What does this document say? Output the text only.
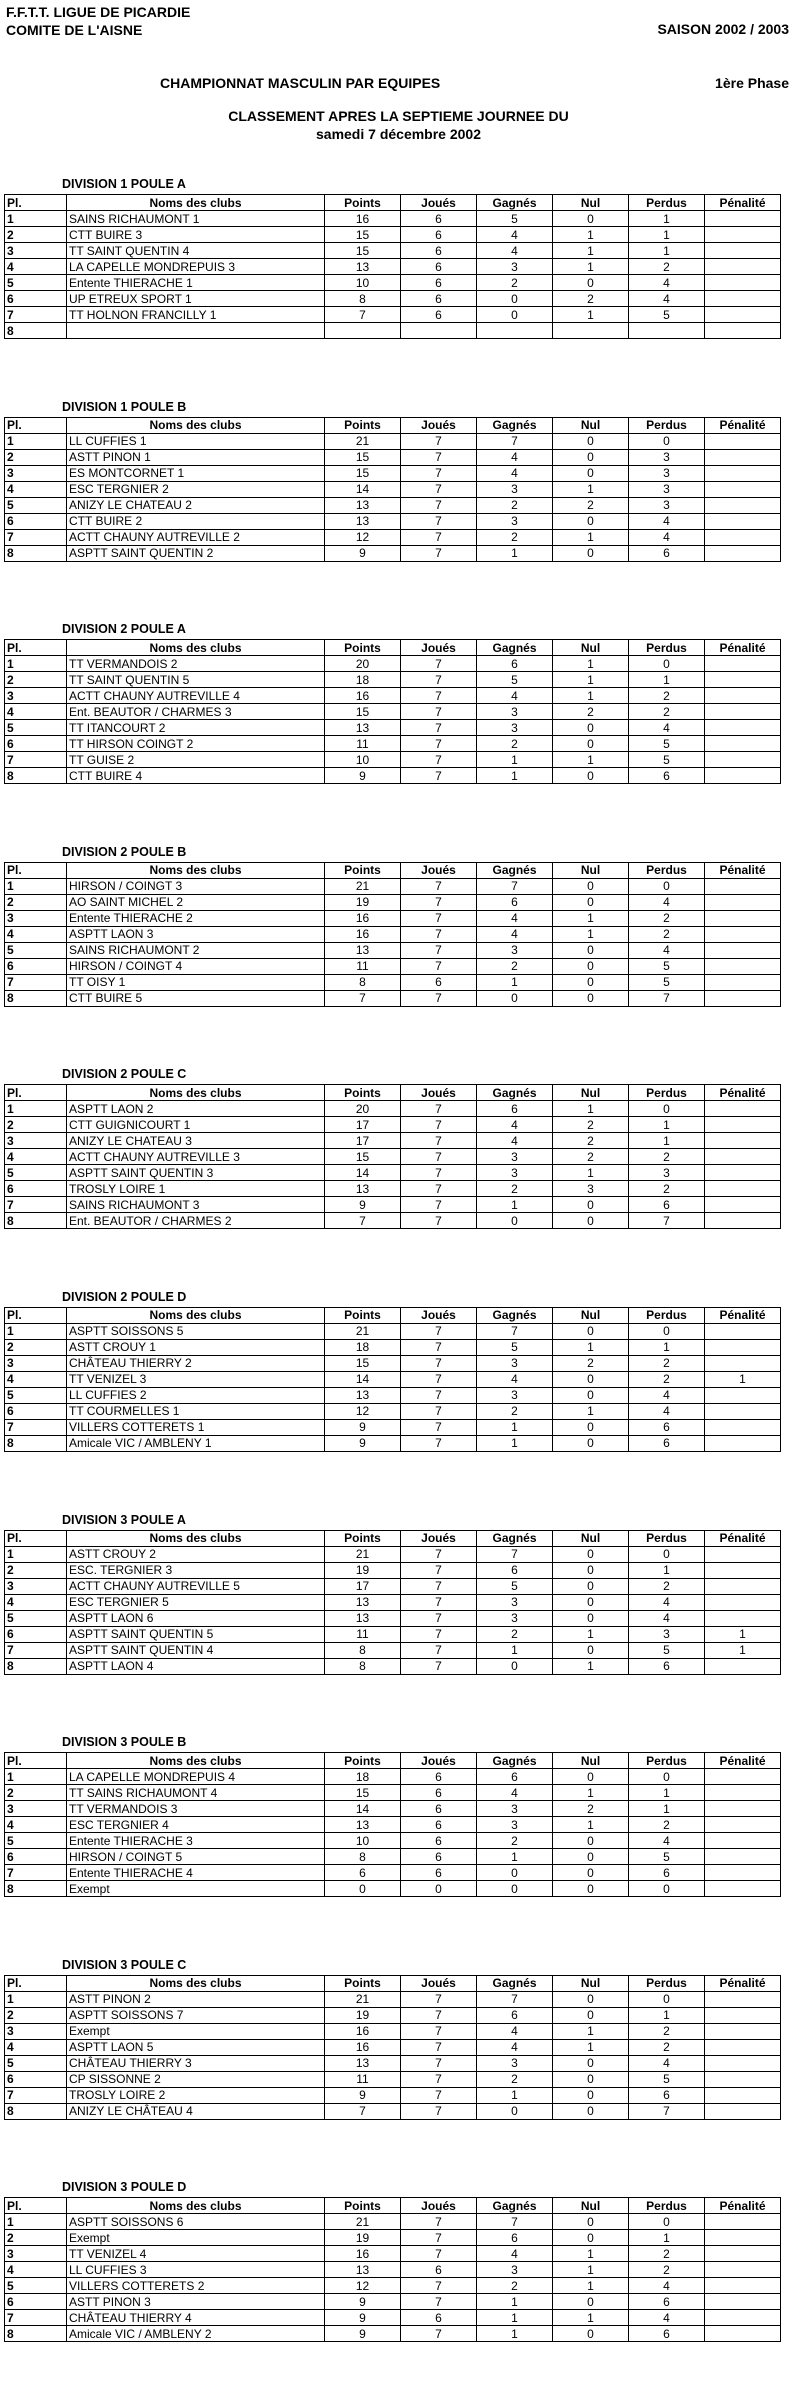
F.F.T.T. LIGUE DE PICARDIE
COMITE DE L'AISNE	SAISON 2002 / 2003
CHAMPIONNAT MASCULIN PAR EQUIPES	1ère Phase
CLASSEMENT APRES LA SEPTIEME JOURNEE DU
samedi 7 décembre 2002
DIVISION 1 POULE A
Pl.	Noms des clubs	Points	Joués	Gagnés	Nul	Perdus	Pénalité
1	SAINS RICHAUMONT 1	16	6	5	0	1	
2	CTT BUIRE 3	15	6	4	1	1	
3	TT SAINT QUENTIN 4	15	6	4	1	1	
4	LA CAPELLE MONDREPUIS 3	13	6	3	1	2	
5	Entente THIERACHE 1	10	6	2	0	4	
6	UP ETREUX SPORT 1	8	6	0	2	4	
7	TT HOLNON FRANCILLY 1	7	6	0	1	5	
8							
DIVISION 1 POULE B
Pl.	Noms des clubs	Points	Joués	Gagnés	Nul	Perdus	Pénalité
1	LL CUFFIES 1	21	7	7	0	0	
2	ASTT PINON 1	15	7	4	0	3	
3	ES MONTCORNET 1	15	7	4	0	3	
4	ESC TERGNIER 2	14	7	3	1	3	
5	ANIZY LE CHATEAU 2	13	7	2	2	3	
6	CTT BUIRE 2	13	7	3	0	4	
7	ACTT CHAUNY AUTREVILLE 2	12	7	2	1	4	
8	ASPTT SAINT QUENTIN 2	9	7	1	0	6	
DIVISION 2 POULE A
Pl.	Noms des clubs	Points	Joués	Gagnés	Nul	Perdus	Pénalité
1	TT VERMANDOIS 2	20	7	6	1	0	
2	TT SAINT QUENTIN 5	18	7	5	1	1	
3	ACTT CHAUNY AUTREVILLE 4	16	7	4	1	2	
4	Ent. BEAUTOR / CHARMES 3	15	7	3	2	2	
5	TT ITANCOURT 2	13	7	3	0	4	
6	TT HIRSON COINGT 2	11	7	2	0	5	
7	TT GUISE 2	10	7	1	1	5	
8	CTT BUIRE 4	9	7	1	0	6	
DIVISION 2 POULE B
Pl.	Noms des clubs	Points	Joués	Gagnés	Nul	Perdus	Pénalité
1	HIRSON / COINGT 3	21	7	7	0	0	
2	AO SAINT MICHEL 2	19	7	6	0	4	
3	Entente THIERACHE 2	16	7	4	1	2	
4	ASPTT LAON 3	16	7	4	1	2	
5	SAINS RICHAUMONT 2	13	7	3	0	4	
6	HIRSON / COINGT 4	11	7	2	0	5	
7	TT OISY 1	8	6	1	0	5	
8	CTT BUIRE 5	7	7	0	0	7	
DIVISION 2 POULE C
Pl.	Noms des clubs	Points	Joués	Gagnés	Nul	Perdus	Pénalité
1	ASPTT LAON 2	20	7	6	1	0	
2	CTT GUIGNICOURT 1	17	7	4	2	1	
3	ANIZY LE CHATEAU 3	17	7	4	2	1	
4	ACTT CHAUNY AUTREVILLE 3	15	7	3	2	2	
5	ASPTT SAINT QUENTIN 3	14	7	3	1	3	
6	TROSLY LOIRE 1	13	7	2	3	2	
7	SAINS RICHAUMONT 3	9	7	1	0	6	
8	Ent. BEAUTOR / CHARMES 2	7	7	0	0	7	
DIVISION 2 POULE D
Pl.	Noms des clubs	Points	Joués	Gagnés	Nul	Perdus	Pénalité
1	ASPTT SOISSONS 5	21	7	7	0	0	
2	ASTT CROUY 1	18	7	5	1	1	
3	CHÂTEAU THIERRY 2	15	7	3	2	2	
4	TT VENIZEL 3	14	7	4	0	2	1
5	LL CUFFIES 2	13	7	3	0	4	
6	TT COURMELLES 1	12	7	2	1	4	
7	VILLERS COTTERETS 1	9	7	1	0	6	
8	Amicale VIC / AMBLENY 1	9	7	1	0	6	
DIVISION 3 POULE A
Pl.	Noms des clubs	Points	Joués	Gagnés	Nul	Perdus	Pénalité
1	ASTT CROUY 2	21	7	7	0	0	
2	ESC. TERGNIER 3	19	7	6	0	1	
3	ACTT CHAUNY AUTREVILLE 5	17	7	5	0	2	
4	ESC TERGNIER 5	13	7	3	0	4	
5	ASPTT LAON 6	13	7	3	0	4	
6	ASPTT SAINT QUENTIN 5	11	7	2	1	3	1
7	ASPTT SAINT QUENTIN 4	8	7	1	0	5	1
8	ASPTT LAON 4	8	7	0	1	6	
DIVISION 3 POULE B
Pl.	Noms des clubs	Points	Joués	Gagnés	Nul	Perdus	Pénalité
1	LA CAPELLE MONDREPUIS 4	18	6	6	0	0	
2	TT SAINS RICHAUMONT 4	15	6	4	1	1	
3	TT VERMANDOIS 3	14	6	3	2	1	
4	ESC TERGNIER 4	13	6	3	1	2	
5	Entente THIERACHE 3	10	6	2	0	4	
6	HIRSON / COINGT 5	8	6	1	0	5	
7	Entente THIERACHE 4	6	6	0	0	6	
8	Exempt	0	0	0	0	0	
DIVISION 3 POULE C
Pl.	Noms des clubs	Points	Joués	Gagnés	Nul	Perdus	Pénalité
1	ASTT PINON 2	21	7	7	0	0	
2	ASPTT SOISSONS 7	19	7	6	0	1	
3	Exempt	16	7	4	1	2	
4	ASPTT LAON 5	16	7	4	1	2	
5	CHÂTEAU THIERRY 3	13	7	3	0	4	
6	CP SISSONNE 2	11	7	2	0	5	
7	TROSLY LOIRE 2	9	7	1	0	6	
8	ANIZY LE CHÂTEAU 4	7	7	0	0	7	
DIVISION 3 POULE D
Pl.	Noms des clubs	Points	Joués	Gagnés	Nul	Perdus	Pénalité
1	ASPTT SOISSONS 6	21	7	7	0	0	
2	Exempt	19	7	6	0	1	
3	TT VENIZEL 4	16	7	4	1	2	
4	LL CUFFIES 3	13	6	3	1	2	
5	VILLERS COTTERETS 2	12	7	2	1	4	
6	ASTT PINON 3	9	7	1	0	6	
7	CHÂTEAU THIERRY 4	9	6	1	1	4	
8	Amicale VIC / AMBLENY 2	9	7	1	0	6	
